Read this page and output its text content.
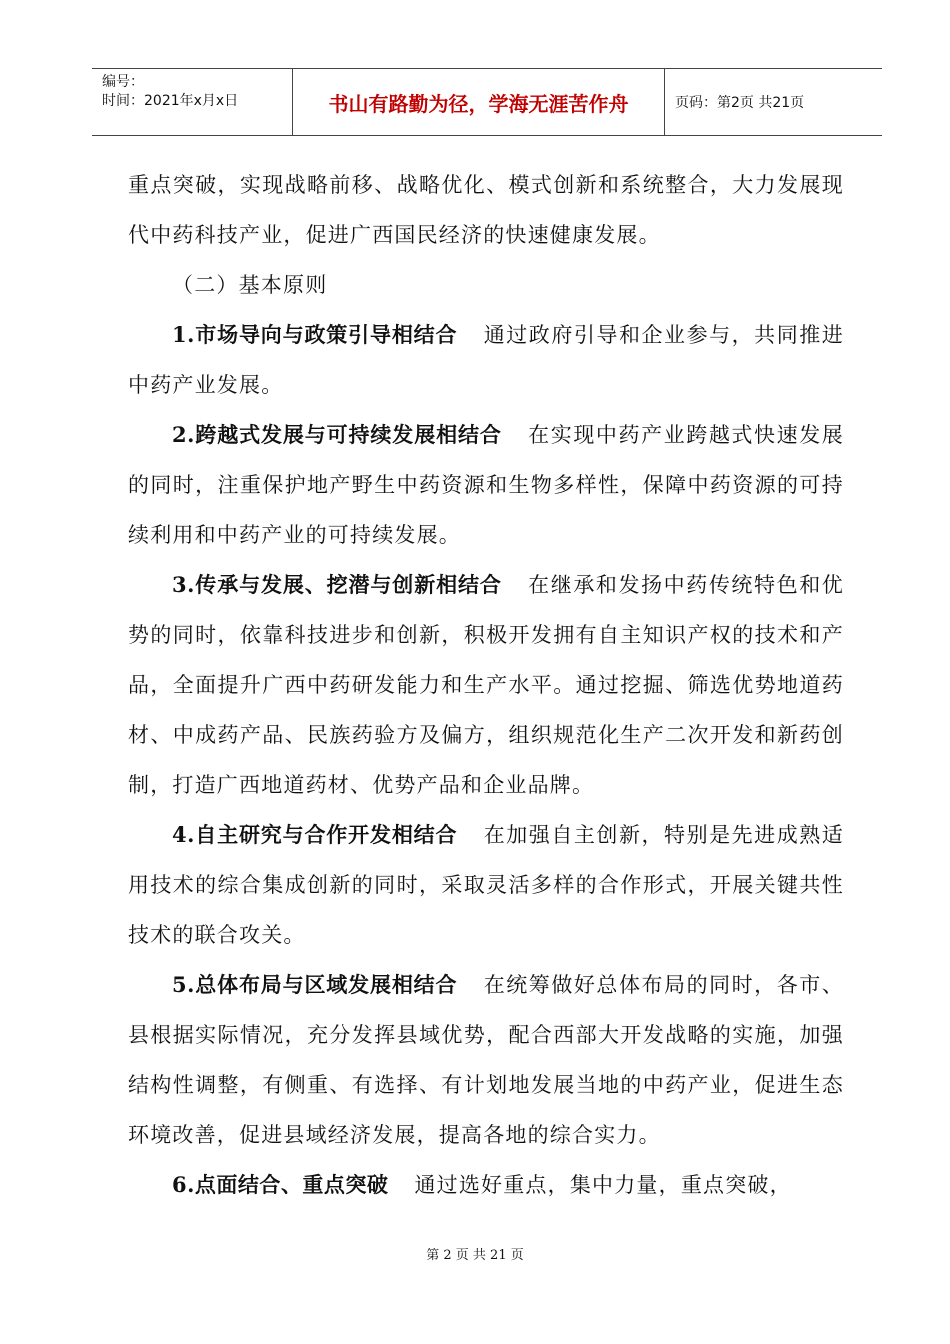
编号：
时间：2021年x月x日	书山有路勤为径，学海无涯苦作舟	页码：第2页 共21页

重点突破，实现战略前移、战略优化、模式创新和系统整合，大力发展现代中药科技产业，促进广西国民经济的快速健康发展。

（二）基本原则

1.市场导向与政策引导相结合 通过政府引导和企业参与，共同推进中药产业发展。

2.跨越式发展与可持续发展相结合 在实现中药产业跨越式快速发展的同时，注重保护地产野生中药资源和生物多样性，保障中药资源的可持续利用和中药产业的可持续发展。

3.传承与发展、挖潜与创新相结合 在继承和发扬中药传统特色和优势的同时，依靠科技进步和创新，积极开发拥有自主知识产权的技术和产品，全面提升广西中药研发能力和生产水平。通过挖掘、筛选优势地道药材、中成药产品、民族药验方及偏方，组织规范化生产二次开发和新药创制，打造广西地道药材、优势产品和企业品牌。

4.自主研究与合作开发相结合 在加强自主创新，特别是先进成熟适用技术的综合集成创新的同时，采取灵活多样的合作形式，开展关键共性技术的联合攻关。

5.总体布局与区域发展相结合 在统筹做好总体布局的同时，各市、县根据实际情况，充分发挥县域优势，配合西部大开发战略的实施，加强结构性调整，有侧重、有选择、有计划地发展当地的中药产业，促进生态环境改善，促进县域经济发展，提高各地的综合实力。

6.点面结合、重点突破 通过选好重点，集中力量，重点突破，

第 2 页 共 21 页
